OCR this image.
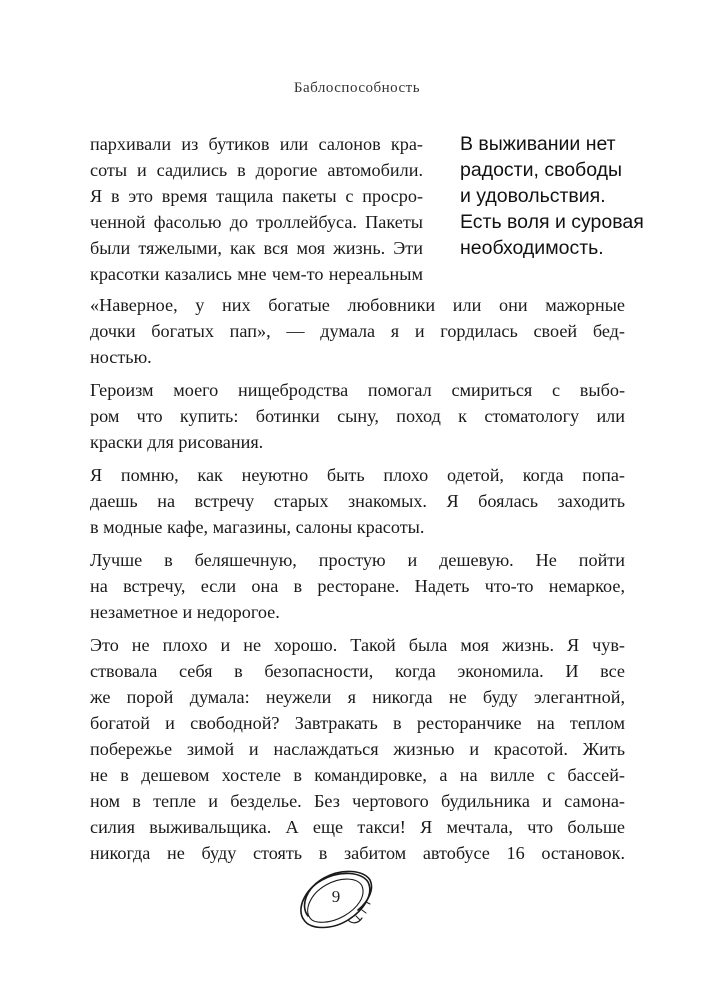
Баблоспособность
пархивали из бутиков или салонов кра-
соты и садились в дорогие автомобили.
Я в это время тащила пакеты с просро-
ченной фасолью до троллейбуса. Пакеты
были тяжелыми, как вся моя жизнь. Эти
красотки казались мне чем-то нереальным
В выживании нет
радости, свободы
и удовольствия.
Есть воля и суровая
необходимость.
«Наверное, у них богатые любовники или они мажорные
дочки богатых пап», — думала я и гордилась своей бед-
ностью.
Героизм моего нищебродства помогал смириться с выбо-
ром что купить: ботинки сыну, поход к стоматологу или
краски для рисования.
Я помню, как неуютно быть плохо одетой, когда попа-
даешь на встречу старых знакомых. Я боялась заходить
в модные кафе, магазины, салоны красоты.
Лучше в беляшечную, простую и дешевую. Не пойти
на встречу, если она в ресторане. Надеть что-то немаркое,
незаметное и недорогое.
Это не плохо и не хорошо. Такой была моя жизнь. Я чув-
ствовала себя в безопасности, когда экономила. И все
же порой думала: неужели я никогда не буду элегантной,
богатой и свободной? Завтракать в ресторанчике на теплом
побережье зимой и наслаждаться жизнью и красотой. Жить
не в дешевом хостеле в командировке, а на вилле с бассей-
ном в тепле и безделье. Без чертового будильника и самона-
силия выживальщика. А еще такси! Я мечтала, что больше
никогда не буду стоять в забитом автобусе 16 остановок.
9
